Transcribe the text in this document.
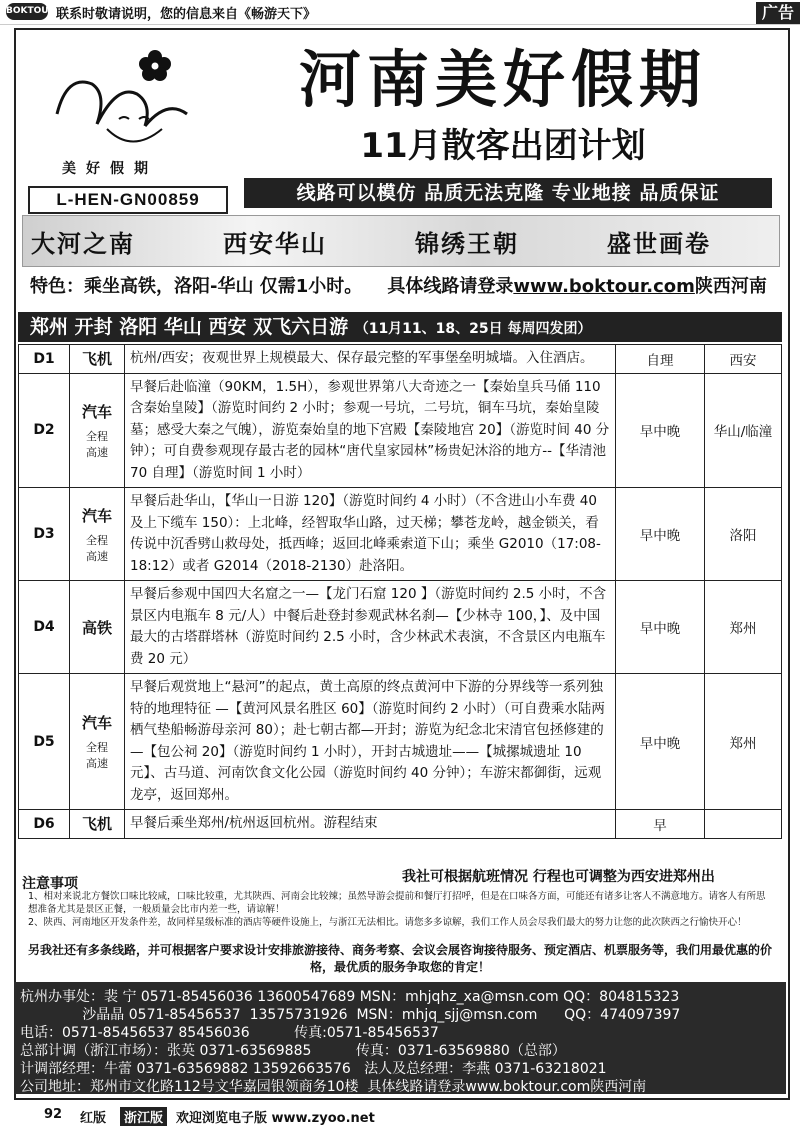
BOKTOUR 联系时敬请说明，您的信息来自《畅游天下》	广告
美好假期
L-HEN-GN00859
河南美好假期
11月散客出团计划
线路可以模仿 品质无法克隆 专业地接 品质保证
大河之南	西安华山	锦绣王朝	盛世画卷
特色：乘坐高铁，洛阳-华山 仅需1小时。 具体线路请登录www.boktour.com陕西河南
郑州 开封 洛阳 华山 西安 双飞六日游 （11月11、18、25日 每周四发团）
D1	飞机	杭州/西安；夜观世界上规模最大、保存最完整的军事堡垒明城墙。入住酒店。	自理	西安
D2	汽车
全程
高速	早餐后赴临潼（90KM，1.5H），参观世界第八大奇迹之一【秦始皇兵马俑 110 含秦始皇陵】（游览时间约 2 小时；参观一号坑，二号坑，铜车马坑，秦始皇陵墓；感受大秦之气魄），游览秦始皇的地下宫殿【秦陵地宫 20】（游览时间 40 分钟）；可自费参观现存最古老的园林“唐代皇家园林”杨贵妃沐浴的地方--【华清池 70 自理】（游览时间 1 小时）	早中晚	华山/临潼
D3	汽车
全程
高速	早餐后赴华山，【华山一日游 120】（游览时间约 4 小时）（不含进山小车费 40 及上下缆车 150）：上北峰，经智取华山路，过天梯；攀苍龙岭，越金锁关，看传说中沉香劈山救母处，抵西峰；返回北峰乘索道下山；乘坐 G2010（17:08-18:12）或者 G2014（2018-2130）赴洛阳。	早中晚	洛阳
D4	高铁	早餐后参观中国四大名窟之一—【龙门石窟 120 】（游览时间约 2.5 小时，不含景区内电瓶车 8 元/人）中餐后赴登封参观武林名刹—【少林寺 100，】、及中国最大的古塔群塔林（游览时间约 2.5 小时，含少林武术表演，不含景区内电瓶车费 20 元）	早中晚	郑州
D5	汽车
全程
高速	早餐后观赏地上“悬河”的起点，黄土高原的终点黄河中下游的分界线等一系列独特的地理特征 —【黄河风景名胜区 60】（游览时间约 2 小时）（可自费乘水陆两栖气垫船畅游母亲河 80）；赴七朝古都—开封；游览为纪念北宋清官包拯修建的—【包公祠 20】（游览时间约 1 小时），开封古城遗址——【城摞城遗址 10 元】、古马道、河南饮食文化公园（游览时间约 40 分钟）；车游宋都御街，远观龙亭，返回郑州。	早中晚	郑州
D6	飞机	早餐后乘坐郑州/杭州返回杭州。游程结束	早	
注意事项	我社可根据航班情况 行程也可调整为西安进郑州出
1、相对来说北方餐饮口味比较咸，口味比较重，尤其陕西、河南会比较辣；虽然导游会提前和餐厅打招呼，但是在口味各方面，可能还有诸多让客人不满意地方。请客人有所思想准备尤其是景区正餐，一般质量会比市内差一些，请谅解！
2、陕西、河南地区开发条件差，故同样星级标准的酒店等硬件设施上，与浙江无法相比。请您多多谅解，我们工作人员会尽我们最大的努力让您的此次陕西之行愉快开心！
另我社还有多条线路，并可根据客户要求设计安排旅游接待、商务考察、会议会展咨询接待服务、预定酒店、机票服务等，我们用最优惠的价格，最优质的服务争取您的肯定！
杭州办事处：裴 宁 0571-85456036 13600547689 MSN：mhjqhz_xa@msn.com QQ：804815323
沙晶晶 0571-85456537  13575731926  MSN：mhjq_sjj@msn.com      QQ：474097397
电话：0571-85456537 85456036          传真:0571-85456537
总部计调（浙江市场）：张英 0371-63569885          传真：0371-63569880（总部）
计调部经理：牛蕾 0371-63569882 13592663576   法人及总经理：李燕 0371-63218021
公司地址：郑州市文化路112号文华嘉园银领商务10楼  具体线路请登录www.boktour.com陕西河南
92 红版	浙江版 欢迎浏览电子版 www.zyoo.net
